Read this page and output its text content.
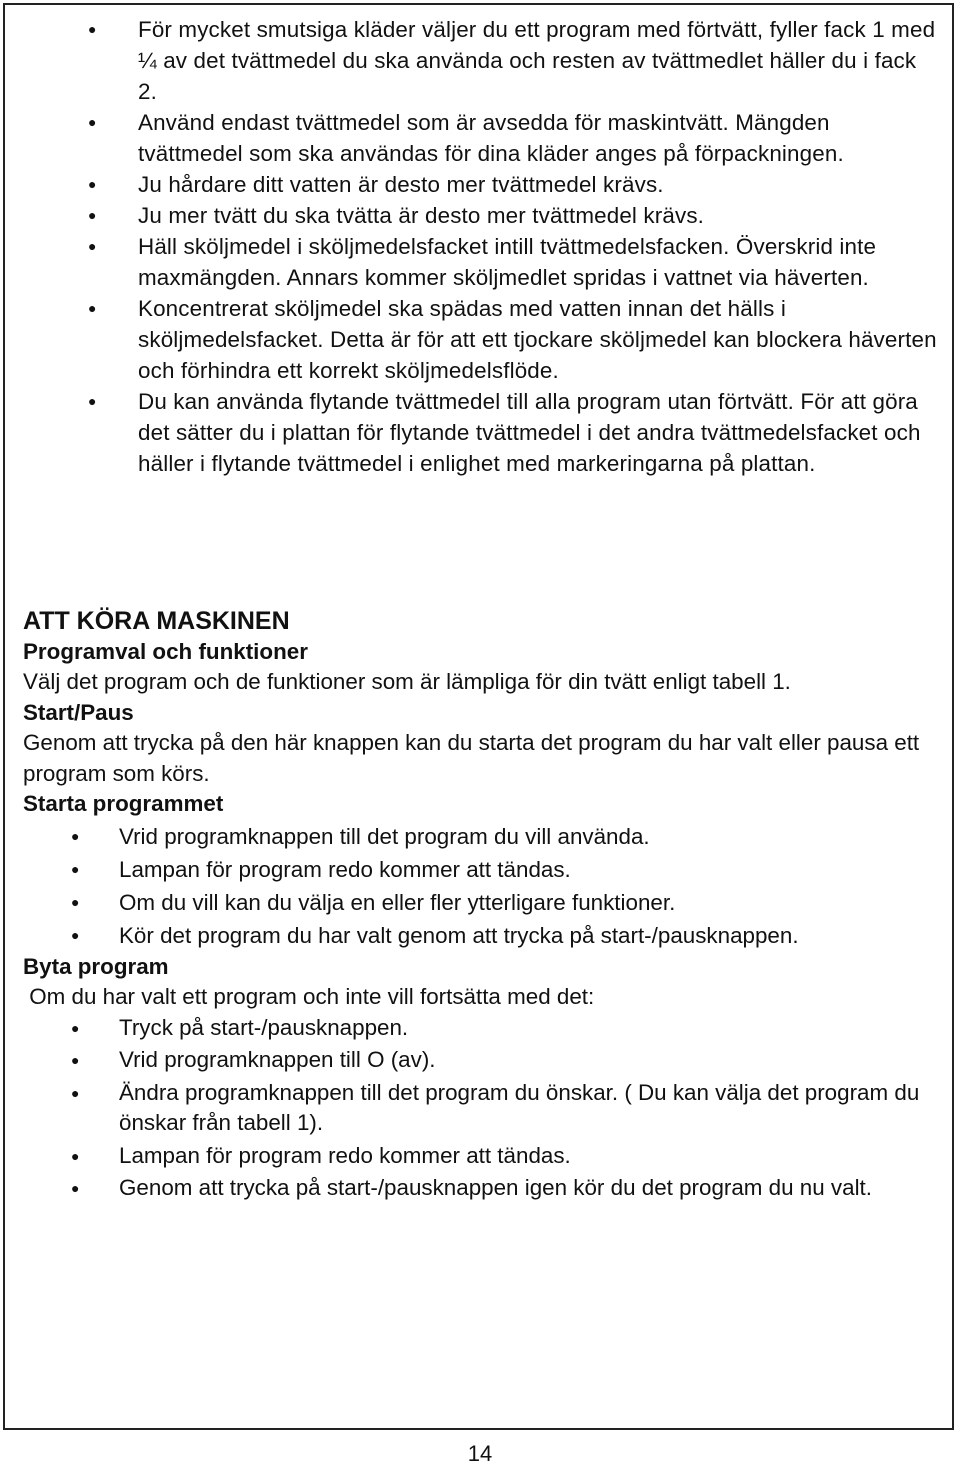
● För mycket smutsiga kläder väljer du ett program med förtvätt, fyller fack 1 med ¼ av det tvättmedel du ska använda och resten av tvättmedlet häller du i fack 2.
● Använd endast tvättmedel som är avsedda för maskintvätt. Mängden tvättmedel som ska användas för dina kläder anges på förpackningen.
● Ju hårdare ditt vatten är desto mer tvättmedel krävs.
● Ju mer tvätt du ska tvätta är desto mer tvättmedel krävs.
● Häll sköljmedel i sköljmedelsfacket intill tvättmedelsfacken. Överskrid inte maxmängden. Annars kommer sköljmedlet spridas i vattnet via häverten.
● Koncentrerat sköljmedel ska spädas med vatten innan det hälls i sköljmedelsfacket. Detta är för att ett tjockare sköljmedel kan blockera häverten och förhindra ett korrekt sköljmedelsflöde.
● Du kan använda flytande tvättmedel till alla program utan förtvätt. För att göra det sätter du i plattan för flytande tvättmedel i det andra tvättmedelsfacket och häller i flytande tvättmedel i enlighet med markeringarna på plattan.
ATT KÖRA MASKINEN
Programval och funktioner
Välj det program och de funktioner som är lämpliga för din tvätt enligt tabell 1.
Start/Paus
Genom att trycka på den här knappen kan du starta det program du har valt eller pausa ett program som körs.
Starta programmet
● Vrid programknappen till det program du vill använda.
● Lampan för program redo kommer att tändas.
● Om du vill kan du välja en eller fler ytterligare funktioner.
● Kör det program du har valt genom att trycka på start-/pausknappen.
Byta program
Om du har valt ett program och inte vill fortsätta med det:
● Tryck på start-/pausknappen.
● Vrid programknappen till O (av).
● Ändra programknappen till det program du önskar. ( Du kan välja det program du önskar från tabell 1).
● Lampan för program redo kommer att tändas.
● Genom att trycka på start-/pausknappen igen kör du det program du nu valt.
14
